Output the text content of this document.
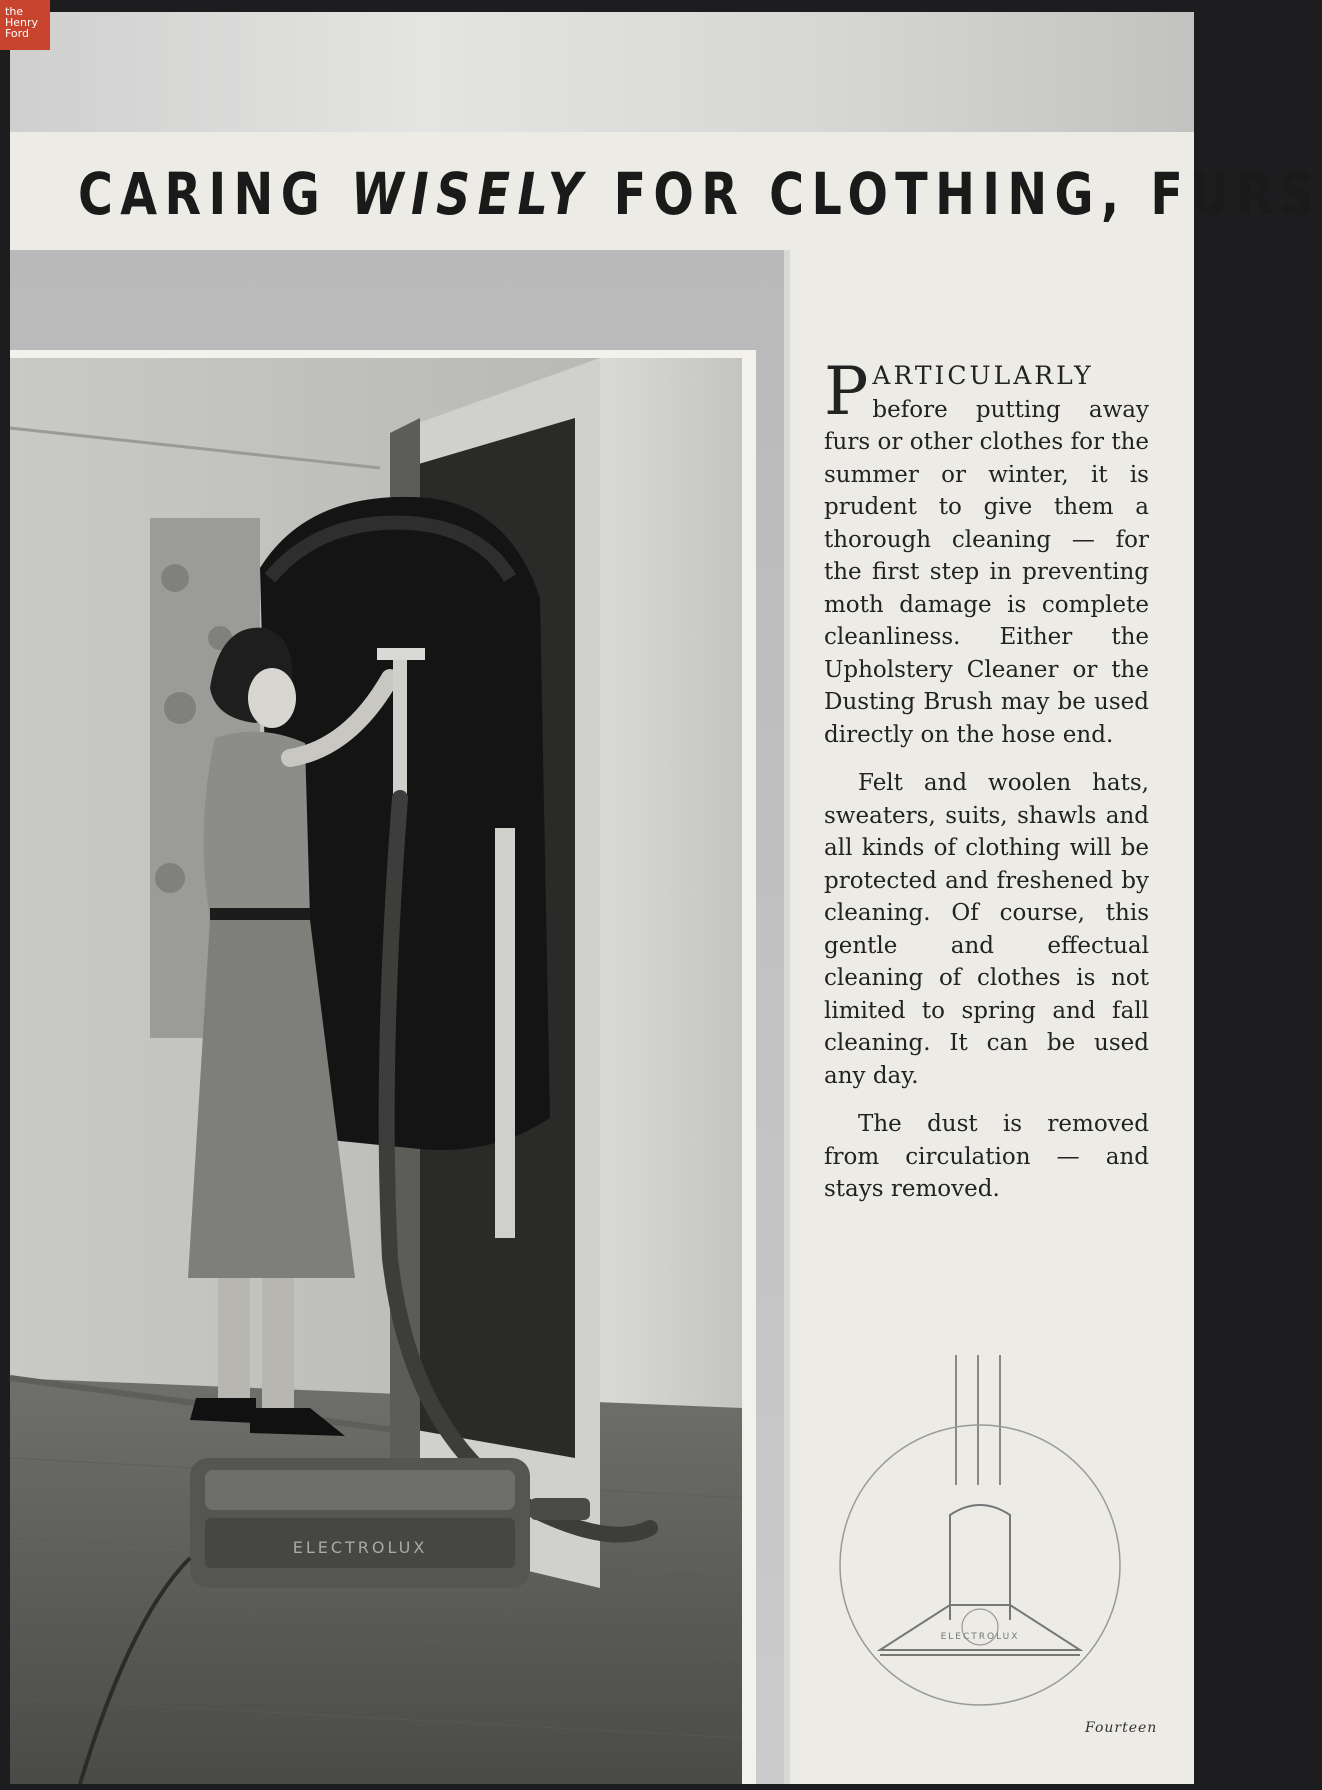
the
Henry
Ford
CARING WISELY FOR CLOTHING, FURS
ELECTROLUX

PARTICULARLY before putting away furs or other clothes for the summer or winter, it is prudent to give them a thorough cleaning — for the first step in preventing moth damage is complete cleanliness. Either the Upholstery Cleaner or the Dusting Brush may be used directly on the hose end.

Felt and woolen hats, sweaters, suits, shawls and all kinds of clothing will be protected and freshened by cleaning. Of course, this gentle and effectual cleaning of clothes is not limited to spring and fall cleaning. It can be used any day.

The dust is removed from circulation — and stays removed.

ELECTROLUX
Fourteen
